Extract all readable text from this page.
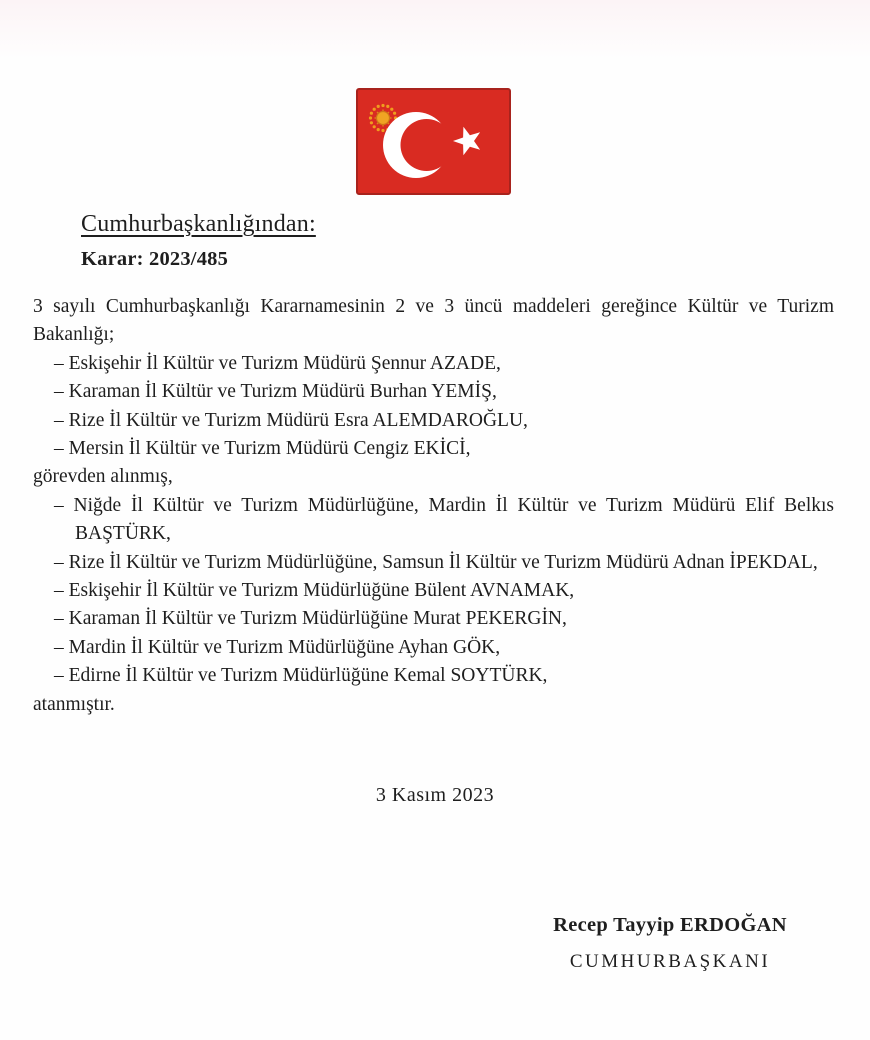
Cumhurbaşkanlığından:
Karar: 2023/485
3 sayılı Cumhurbaşkanlığı Kararnamesinin 2 ve 3 üncü maddeleri gereğince Kültür ve Turizm
Bakanlığı;
– Eskişehir İl Kültür ve Turizm Müdürü Şennur AZADE,
– Karaman İl Kültür ve Turizm Müdürü Burhan YEMİŞ,
– Rize İl Kültür ve Turizm Müdürü Esra ALEMDAROĞLU,
– Mersin İl Kültür ve Turizm Müdürü Cengiz EKİCİ,
görevden alınmış,
– Niğde İl Kültür ve Turizm Müdürlüğüne, Mardin İl Kültür ve Turizm Müdürü Elif Belkıs BAŞTÜRK,
– Rize İl Kültür ve Turizm Müdürlüğüne, Samsun İl Kültür ve Turizm Müdürü Adnan İPEKDAL,
– Eskişehir İl Kültür ve Turizm Müdürlüğüne Bülent AVNAMAK,
– Karaman İl Kültür ve Turizm Müdürlüğüne Murat PEKERGİN,
– Mardin İl Kültür ve Turizm Müdürlüğüne Ayhan GÖK,
– Edirne İl Kültür ve Turizm Müdürlüğüne Kemal SOYTÜRK,
atanmıştır.
3 Kasım 2023
Recep Tayyip ERDOĞAN
CUMHURBAŞKANI
